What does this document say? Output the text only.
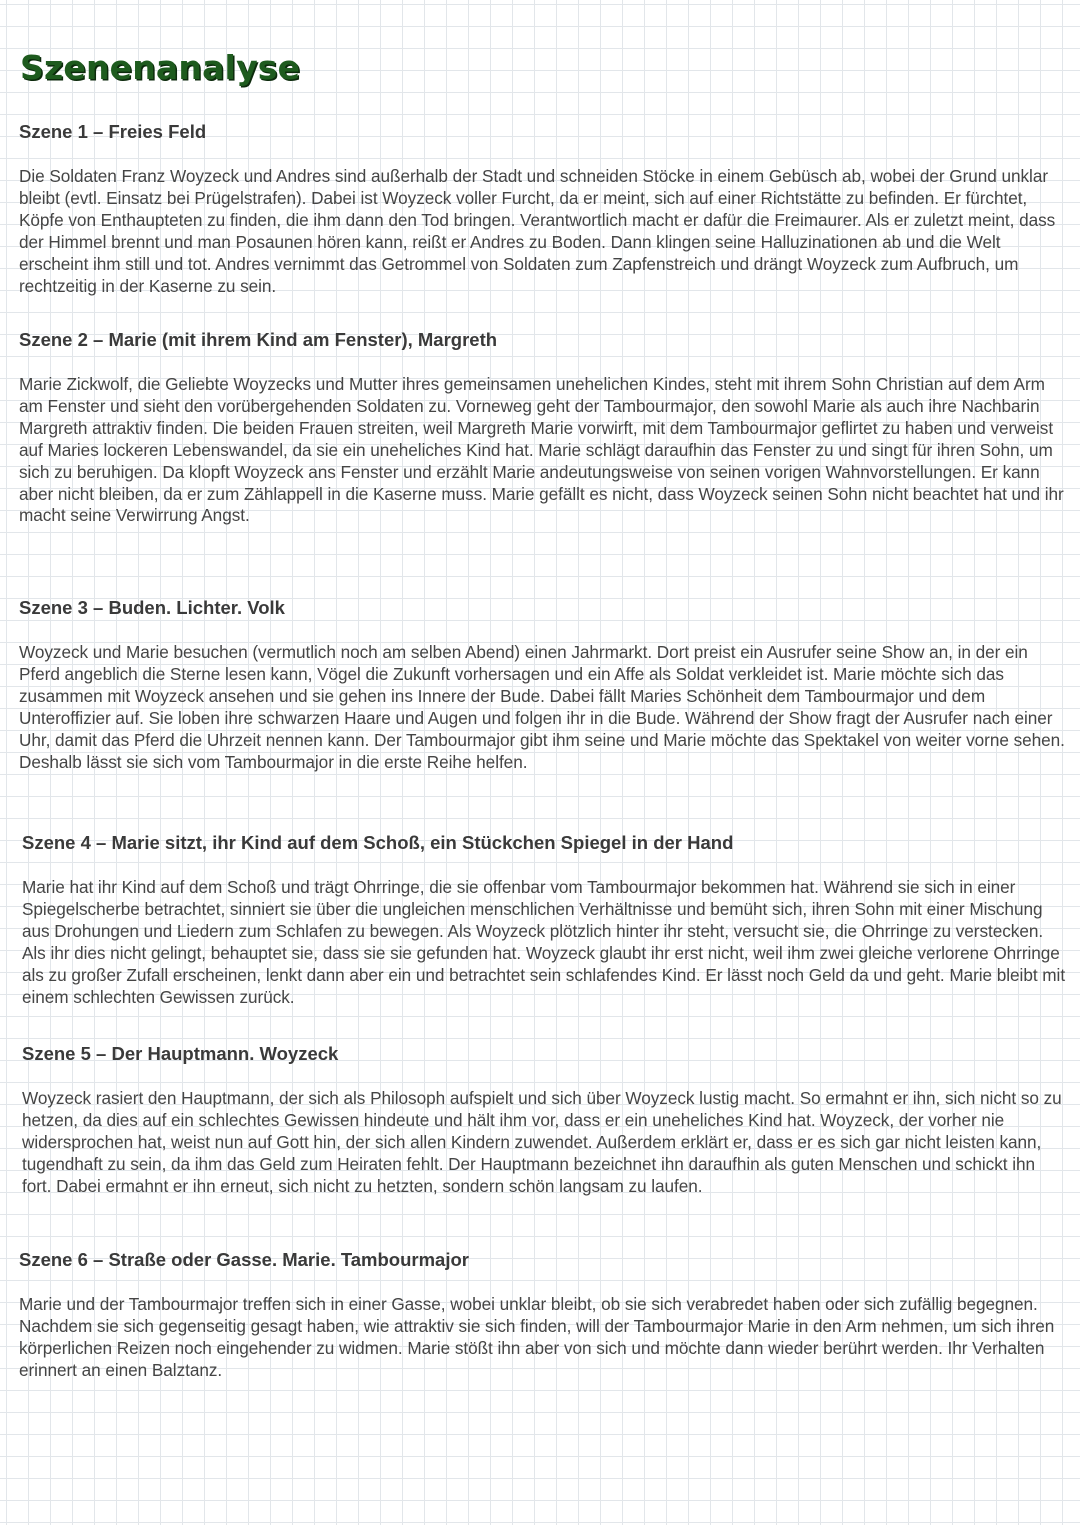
Szenenanalyse
Szene 1 – Freies Feld

Die Soldaten Franz Woyzeck und Andres sind außerhalb der Stadt und schneiden Stöcke in einem Gebüsch ab, wobei der Grund unklar bleibt (evtl. Einsatz bei Prügelstrafen). Dabei ist Woyzeck voller Furcht, da er meint, sich auf einer Richtstätte zu befinden. Er fürchtet, Köpfe von Enthaupteten zu finden, die ihm dann den Tod bringen. Verantwortlich macht er dafür die Freimaurer. Als er zuletzt meint, dass der Himmel brennt und man Posaunen hören kann, reißt er Andres zu Boden. Dann klingen seine Halluzinationen ab und die Welt erscheint ihm still und tot. Andres vernimmt das Getrommel von Soldaten zum Zapfenstreich und drängt Woyzeck zum Aufbruch, um rechtzeitig in der Kaserne zu sein.

Szene 2 – Marie (mit ihrem Kind am Fenster), Margreth

Marie Zickwolf, die Geliebte Woyzecks und Mutter ihres gemeinsamen unehelichen Kindes, steht mit ihrem Sohn Christian auf dem Arm am Fenster und sieht den vorübergehenden Soldaten zu. Vorneweg geht der Tambourmajor, den sowohl Marie als auch ihre Nachbarin Margreth attraktiv finden. Die beiden Frauen streiten, weil Margreth Marie vorwirft, mit dem Tambourmajor geflirtet zu haben und verweist auf Maries lockeren Lebenswandel, da sie ein uneheliches Kind hat. Marie schlägt daraufhin das Fenster zu und singt für ihren Sohn, um sich zu beruhigen. Da klopft Woyzeck ans Fenster und erzählt Marie andeutungsweise von seinen vorigen Wahnvorstellungen. Er kann aber nicht bleiben, da er zum Zählappell in die Kaserne muss. Marie gefällt es nicht, dass Woyzeck seinen Sohn nicht beachtet hat und ihr macht seine Verwirrung Angst.

Szene 3 – Buden. Lichter. Volk

Woyzeck und Marie besuchen (vermutlich noch am selben Abend) einen Jahrmarkt. Dort preist ein Ausrufer seine Show an, in der ein Pferd angeblich die Sterne lesen kann, Vögel die Zukunft vorhersagen und ein Affe als Soldat verkleidet ist. Marie möchte sich das zusammen mit Woyzeck ansehen und sie gehen ins Innere der Bude. Dabei fällt Maries Schönheit dem Tambourmajor und dem Unteroffizier auf. Sie loben ihre schwarzen Haare und Augen und folgen ihr in die Bude. Während der Show fragt der Ausrufer nach einer Uhr, damit das Pferd die Uhrzeit nennen kann. Der Tambourmajor gibt ihm seine und Marie möchte das Spektakel von weiter vorne sehen. Deshalb lässt sie sich vom Tambourmajor in die erste Reihe helfen.

Szene 4 – Marie sitzt, ihr Kind auf dem Schoß, ein Stückchen Spiegel in der Hand

Marie hat ihr Kind auf dem Schoß und trägt Ohrringe, die sie offenbar vom Tambourmajor bekommen hat. Während sie sich in einer Spiegelscherbe betrachtet, sinniert sie über die ungleichen menschlichen Verhältnisse und bemüht sich, ihren Sohn mit einer Mischung aus Drohungen und Liedern zum Schlafen zu bewegen. Als Woyzeck plötzlich hinter ihr steht, versucht sie, die Ohrringe zu verstecken. Als ihr dies nicht gelingt, behauptet sie, dass sie sie gefunden hat. Woyzeck glaubt ihr erst nicht, weil ihm zwei gleiche verlorene Ohrringe als zu großer Zufall erscheinen, lenkt dann aber ein und betrachtet sein schlafendes Kind. Er lässt noch Geld da und geht. Marie bleibt mit einem schlechten Gewissen zurück.

Szene 5 – Der Hauptmann. Woyzeck

Woyzeck rasiert den Hauptmann, der sich als Philosoph aufspielt und sich über Woyzeck lustig macht. So ermahnt er ihn, sich nicht so zu hetzen, da dies auf ein schlechtes Gewissen hindeute und hält ihm vor, dass er ein uneheliches Kind hat. Woyzeck, der vorher nie widersprochen hat, weist nun auf Gott hin, der sich allen Kindern zuwendet. Außerdem erklärt er, dass er es sich gar nicht leisten kann, tugendhaft zu sein, da ihm das Geld zum Heiraten fehlt. Der Hauptmann bezeichnet ihn daraufhin als guten Menschen und schickt ihn fort. Dabei ermahnt er ihn erneut, sich nicht zu hetzten, sondern schön langsam zu laufen.

Szene 6 – Straße oder Gasse. Marie. Tambourmajor

Marie und der Tambourmajor treffen sich in einer Gasse, wobei unklar bleibt, ob sie sich verabredet haben oder sich zufällig begegnen. Nachdem sie sich gegenseitig gesagt haben, wie attraktiv sie sich finden, will der Tambourmajor Marie in den Arm nehmen, um sich ihren körperlichen Reizen noch eingehender zu widmen. Marie stößt ihn aber von sich und möchte dann wieder berührt werden. Ihr Verhalten erinnert an einen Balztanz.
